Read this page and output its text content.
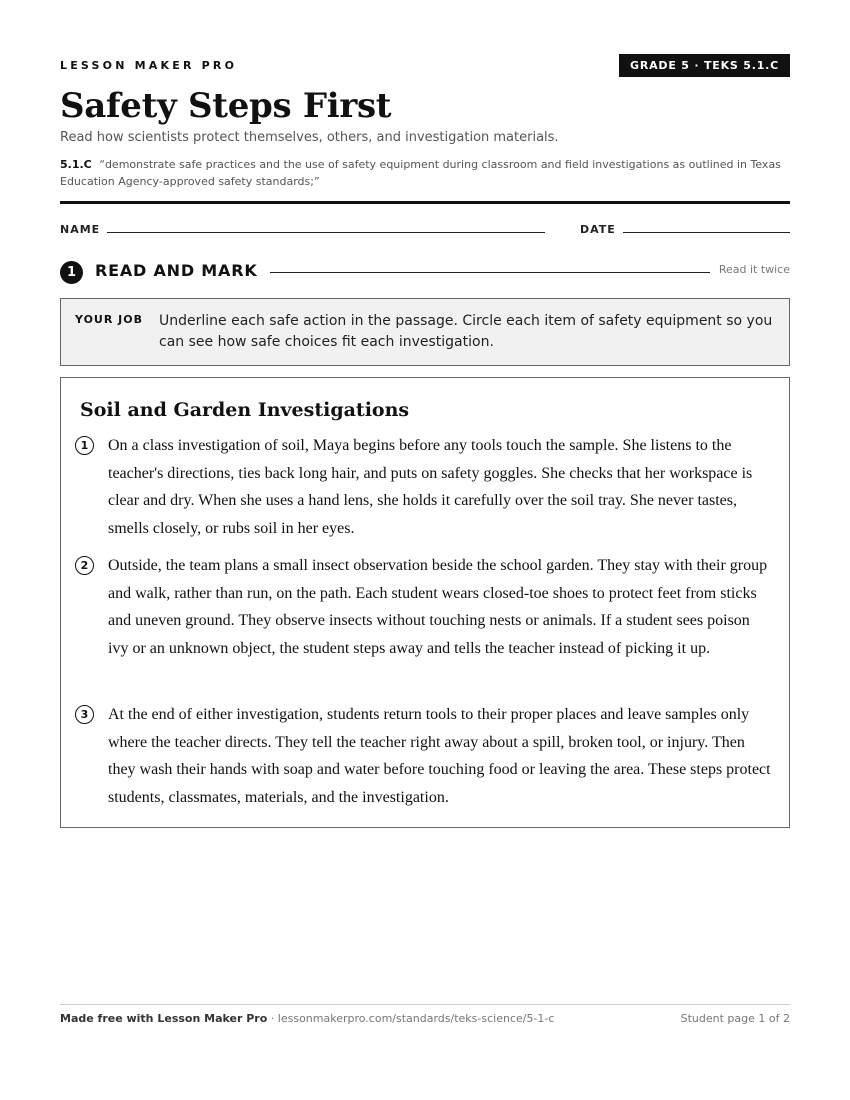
LESSON MAKER PRO	GRADE 5 · TEKS 5.1.C
Safety Steps First
Read how scientists protect themselves, others, and investigation materials.
5.1.C “demonstrate safe practices and the use of safety equipment during classroom and field investigations as outlined in Texas Education Agency-approved safety standards;”
NAME	DATE
1	READ AND MARK	Read it twice
YOUR JOB Underline each safe action in the passage. Circle each item of safety equipment so you can see how safe choices fit each investigation.
Soil and Garden Investigations
1	On a class investigation of soil, Maya begins before any tools touch the sample. She listens to the teacher's directions, ties back long hair, and puts on safety goggles. She checks that her workspace is clear and dry. When she uses a hand lens, she holds it carefully over the soil tray. She never tastes, smells closely, or rubs soil in her eyes.
2	Outside, the team plans a small insect observation beside the school garden. They stay with their group and walk, rather than run, on the path. Each student wears closed-toe shoes to protect feet from sticks and uneven ground. They observe insects without touching nests or animals. If a student sees poison ivy or an unknown object, the student steps away and tells the teacher instead of picking it up.
3	At the end of either investigation, students return tools to their proper places and leave samples only where the teacher directs. They tell the teacher right away about a spill, broken tool, or injury. Then they wash their hands with soap and water before touching food or leaving the area. These steps protect students, classmates, materials, and the investigation.
Made free with Lesson Maker Pro · lessonmakerpro.com/standards/teks-science/5-1-c	Student page 1 of 2
